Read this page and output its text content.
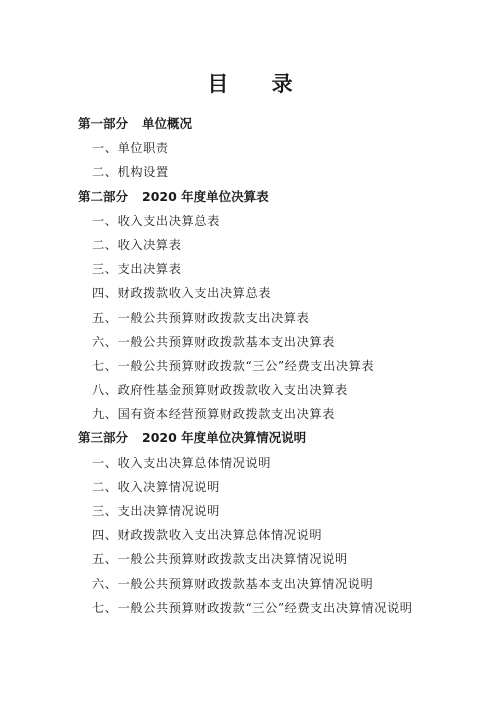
目 录
第一部分 单位概况
一、单位职责
二、机构设置
第二部分 2020 年度单位决算表
一、收入支出决算总表
二、收入决算表
三、支出决算表
四、财政拨款收入支出决算总表
五、一般公共预算财政拨款支出决算表
六、一般公共预算财政拨款基本支出决算表
七、一般公共预算财政拨款“三公”经费支出决算表
八、政府性基金预算财政拨款收入支出决算表
九、国有资本经营预算财政拨款支出决算表
第三部分 2020 年度单位决算情况说明
一、收入支出决算总体情况说明
二、收入决算情况说明
三、支出决算情况说明
四、财政拨款收入支出决算总体情况说明
五、一般公共预算财政拨款支出决算情况说明
六、一般公共预算财政拨款基本支出决算情况说明
七、一般公共预算财政拨款“三公”经费支出决算情况说明
